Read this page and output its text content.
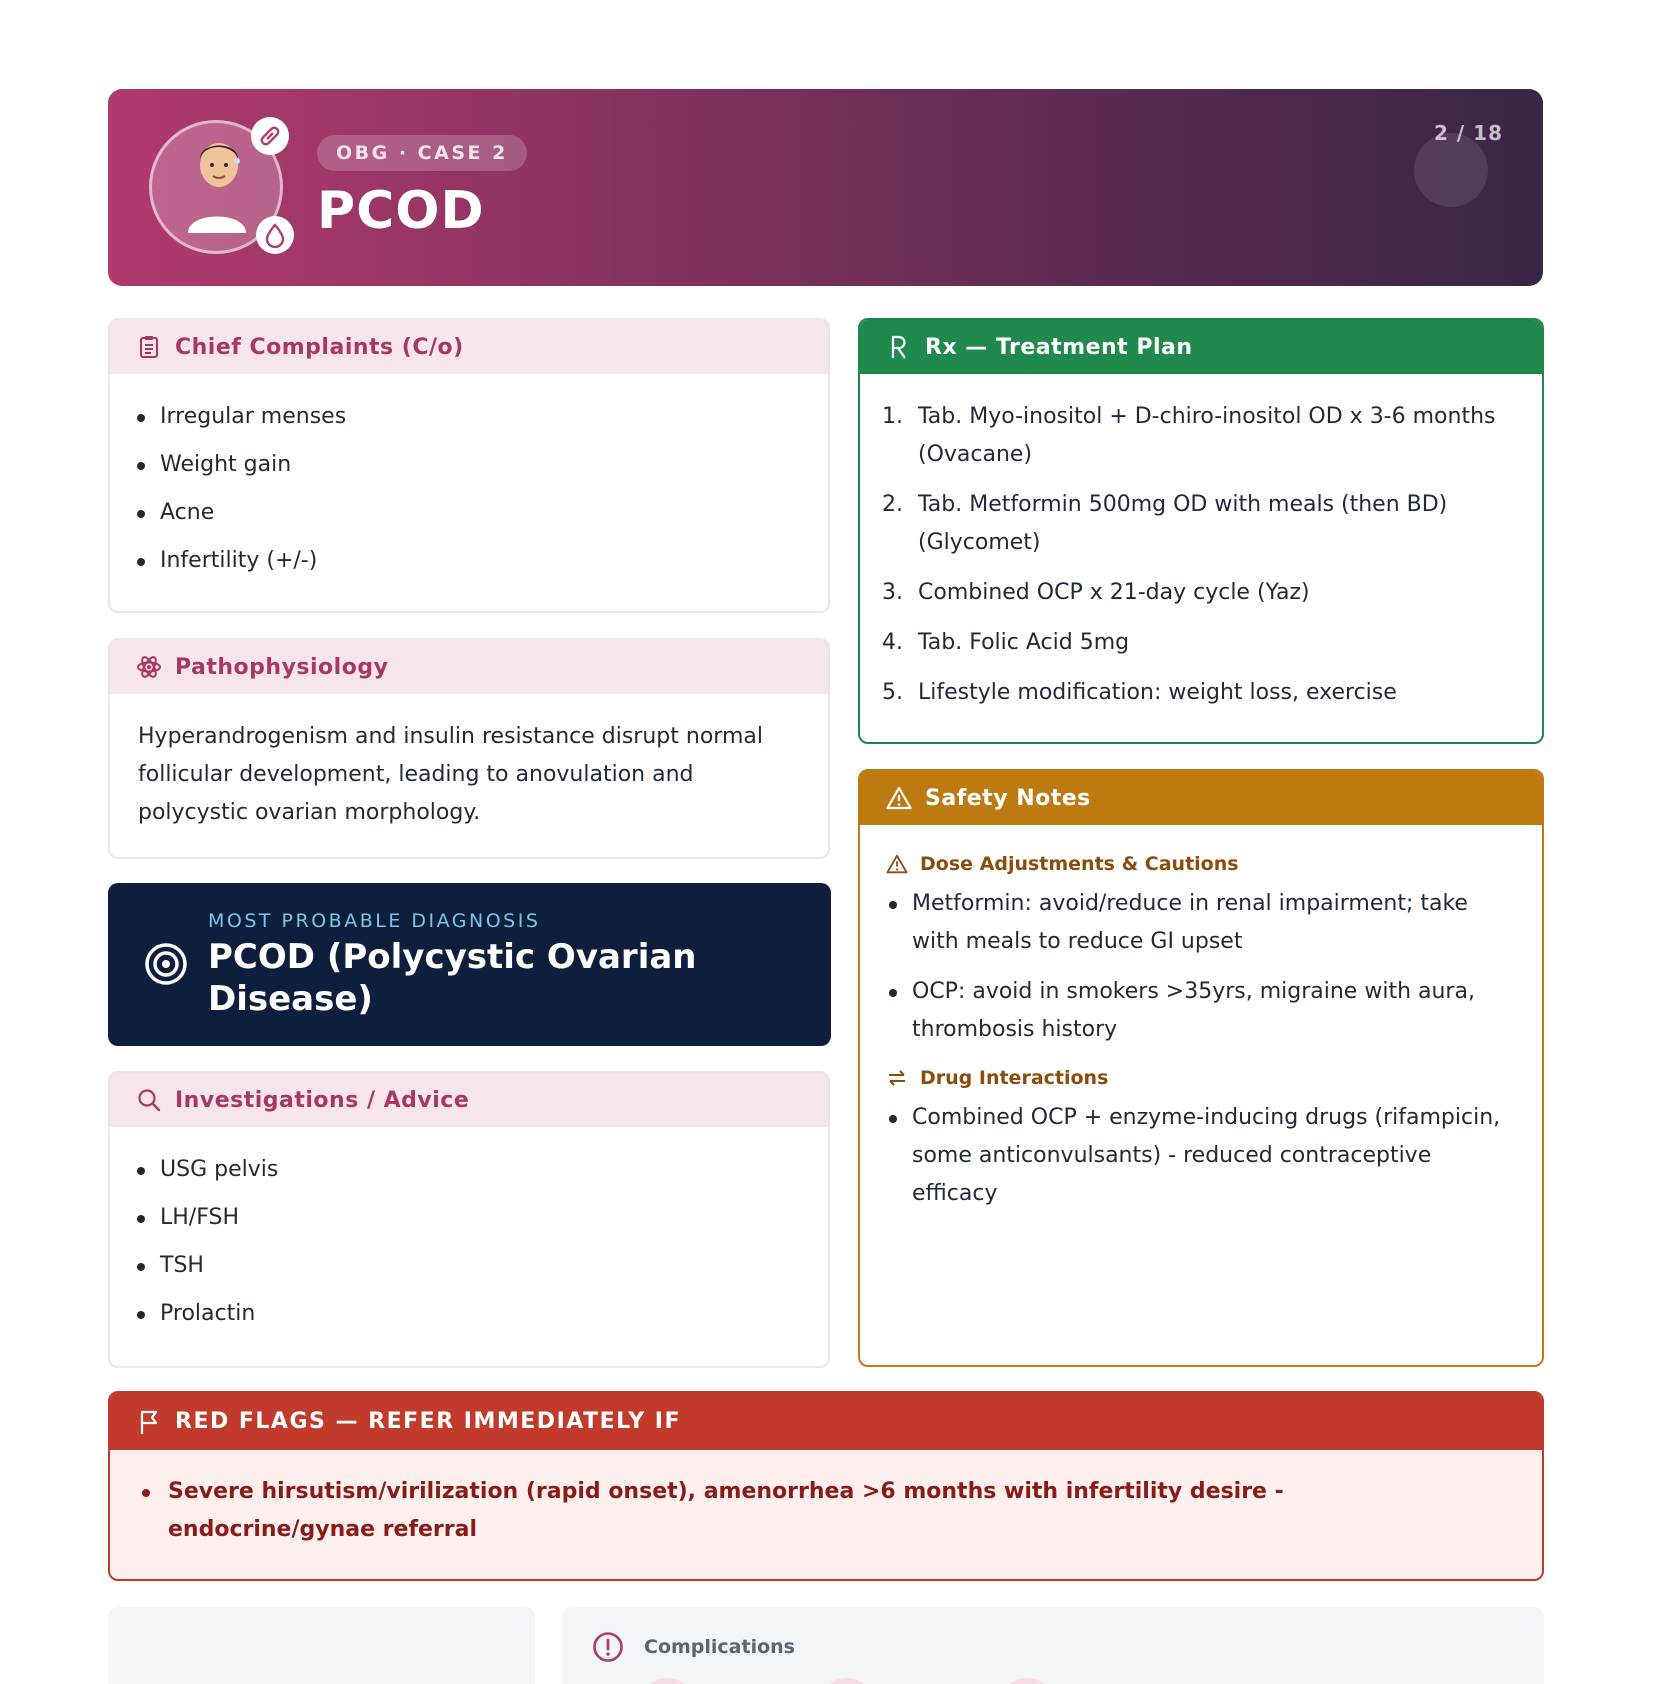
OBG · CASE 2
PCOD
2 / 18
Chief Complaints (C/o)
Irregular menses
Weight gain
Acne
Infertility (+/-)
Pathophysiology
Hyperandrogenism and insulin resistance disrupt normal follicular development, leading to anovulation and polycystic ovarian morphology.
MOST PROBABLE DIAGNOSIS
PCOD (Polycystic Ovarian Disease)
Investigations / Advice
USG pelvis
LH/FSH
TSH
Prolactin
Rx — Treatment Plan
1. Tab. Myo-inositol + D-chiro-inositol OD x 3-6 months (Ovacane)
2. Tab. Metformin 500mg OD with meals (then BD) (Glycomet)
3. Combined OCP x 21-day cycle (Yaz)
4. Tab. Folic Acid 5mg
5. Lifestyle modification: weight loss, exercise
Safety Notes
Dose Adjustments & Cautions
Metformin: avoid/reduce in renal impairment; take with meals to reduce GI upset
OCP: avoid in smokers >35yrs, migraine with aura, thrombosis history
Drug Interactions
Combined OCP + enzyme-inducing drugs (rifampicin, some anticonvulsants) - reduced contraceptive efficacy
RED FLAGS — REFER IMMEDIATELY IF
Severe hirsutism/virilization (rapid onset), amenorrhea >6 months with infertility desire - endocrine/gynae referral
Complications
